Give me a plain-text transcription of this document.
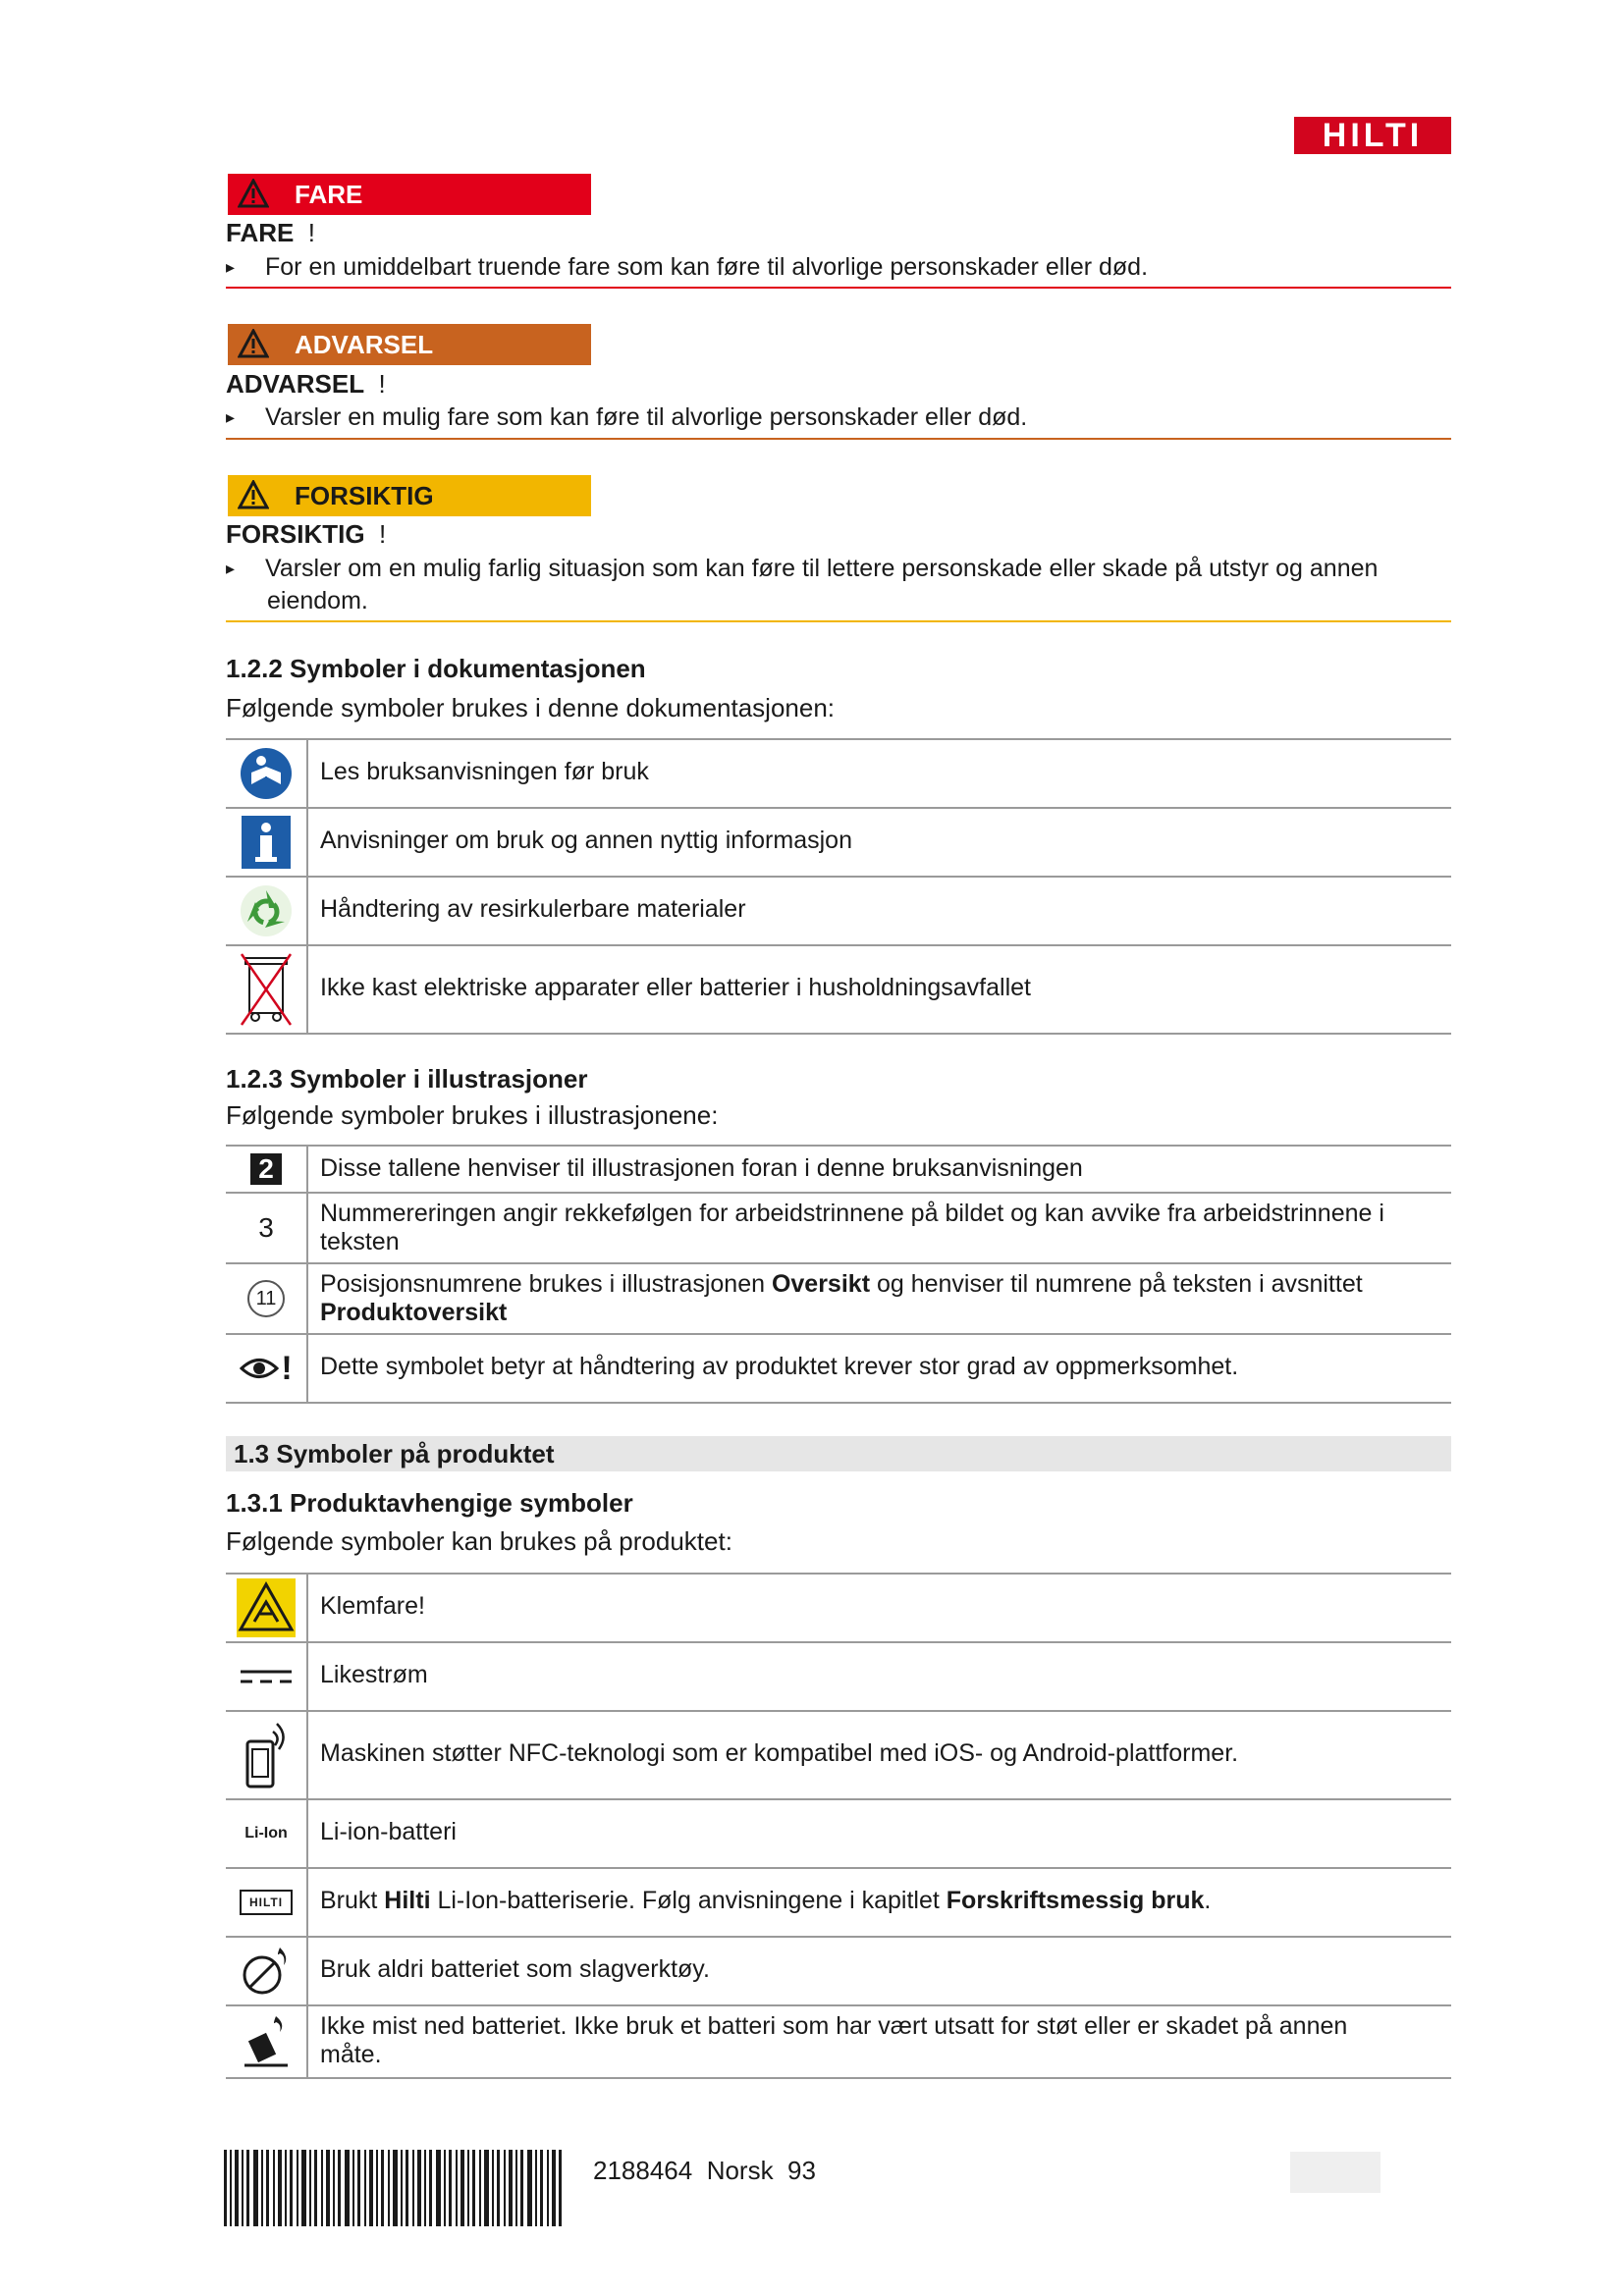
HILTI
FARE
FARE !
▸ For en umiddelbart truende fare som kan føre til alvorlige personskader eller død.
ADVARSEL
ADVARSEL !
▸ Varsler en mulig fare som kan føre til alvorlige personskader eller død.
FORSIKTIG
FORSIKTIG !
▸ Varsler om en mulig farlig situasjon som kan føre til lettere personskade eller skade på utstyr og annen
eiendom.
1.2.2 Symboler i dokumentasjonen
Følgende symboler brukes i denne dokumentasjonen:
Les bruksanvisningen før bruk
Anvisninger om bruk og annen nyttig informasjon
Håndtering av resirkulerbare materialer
Ikke kast elektriske apparater eller batterier i husholdningsavfallet
1.2.3 Symboler i illustrasjoner
Følgende symboler brukes i illustrasjonene:
2	Disse tallene henviser til illustrasjonen foran i denne bruksanvisningen
3 Nummereringen angir rekkefølgen for arbeidstrinnene på bildet og kan avvike fra arbeidstrinnene i
teksten
11
Posisjonsnumrene brukes i illustrasjonen Oversikt og henviser til numrene på teksten i avsnittet
Produktoversikt
! Dette symbolet betyr at håndtering av produktet krever stor grad av oppmerksomhet.
1.3 Symboler på produktet
1.3.1 Produktavhengige symboler
Følgende symboler kan brukes på produktet:
Klemfare!
Likestrøm
Maskinen støtter NFC-teknologi som er kompatibel med iOS- og Android-plattformer.
Li-Ion Li-ion-batteri
HILTI	Brukt Hilti Li-Ion-batteriserie. Følg anvisningene i kapitlet Forskriftsmessig bruk.
Bruk aldri batteriet som slagverktøy.
Ikke mist ned batteriet. Ikke bruk et batteri som har vært utsatt for støt eller er skadet på annen
måte.
2188464 Norsk 93
